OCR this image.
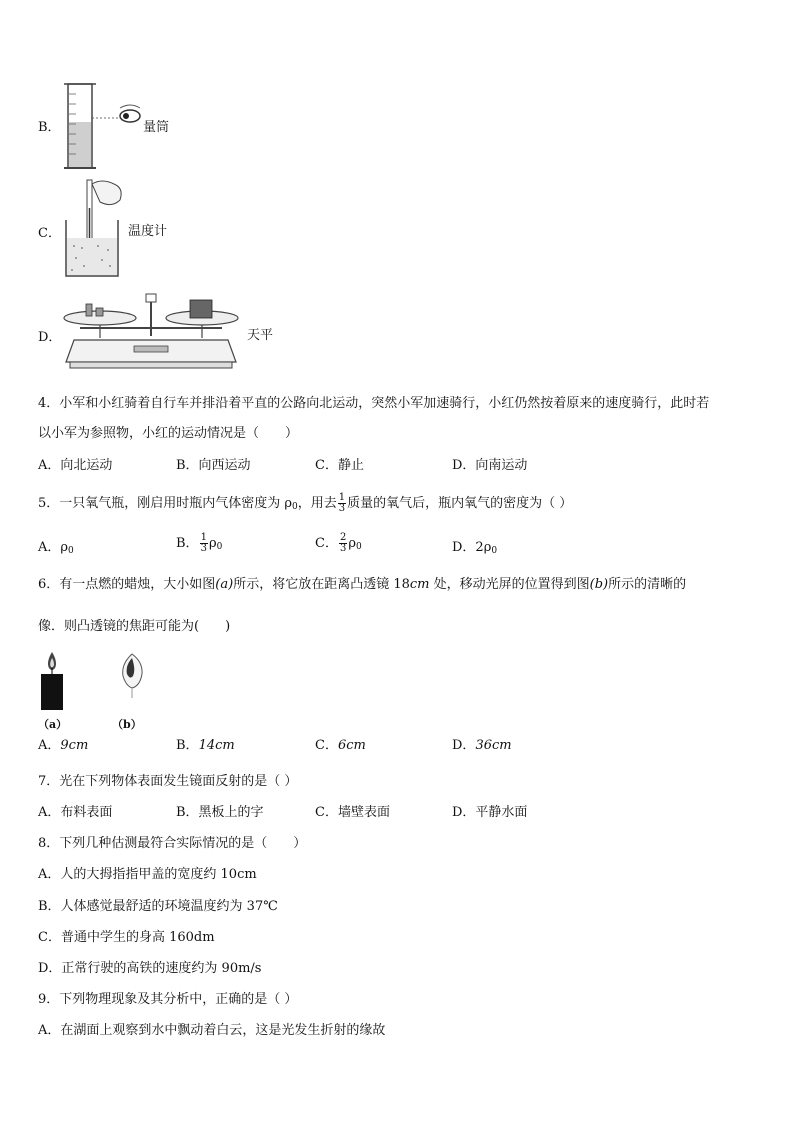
B．	量筒
C．	温度计
D．	天平
4．小军和小红骑着自行车并排沿着平直的公路向北运动，突然小军加速骑行，小红仍然按着原来的速度骑行，此时若
以小军为参照物，小红的运动情况是（　　）
A．向北运动	B．向西运动	C．静止	D．向南运动
5．一只氧气瓶，刚启用时瓶内气体密度为 $\rho_0$，用去 $\frac{1}{3}$ 质量的氧气后，瓶内氧气的密度为（ ）
A．$\rho_0$	B． $\frac{1}{3} \rho_0$	C． $\frac{2}{3} \rho_0$	D．$2\rho_0$
6．有一点燃的蜡烛，大小如图(a)所示，将它放在距离凸透镜 18cm 处，移动光屏的位置得到图(b)所示的清晰的
像．则凸透镜的焦距可能为(　　)
（a）	（b）
A．9cm	B．14cm	C．6cm	D．36cm
7．光在下列物体表面发生镜面反射的是（ ）
A．布料表面	B．黑板上的字	C．墙壁表面	D．平静水面
8．下列几种估测最符合实际情况的是（　　）
A．人的大拇指指甲盖的宽度约 10cm
B．人体感觉最舒适的环境温度约为 37℃
C．普通中学生的身高 160dm
D．正常行驶的高铁的速度约为 90m/s
9．下列物理现象及其分析中，正确的是（ ）
A．在湖面上观察到水中飘动着白云，这是光发生折射的缘故
